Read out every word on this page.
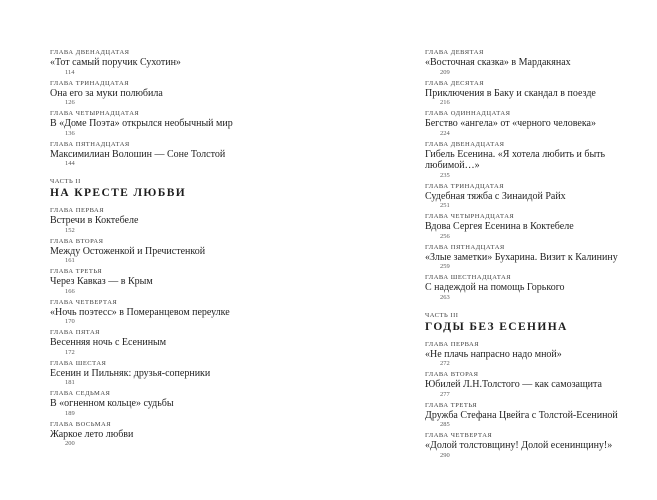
ГЛАВА ДВЕНАДЦАТАЯ
«Тот самый поручик Сухотин»
114
ГЛАВА ТРИНАДЦАТАЯ
Она его за муки полюбила
126
ГЛАВА ЧЕТЫРНАДЦАТАЯ
В «Доме Поэта» открылся необычный мир
136
ГЛАВА ПЯТНАДЦАТАЯ
Максимилиан Волошин — Соне Толстой
144
ЧАСТЬ II
НА КРЕСТЕ ЛЮБВИ
ГЛАВА ПЕРВАЯ
Встречи в Коктебеле
152
ГЛАВА ВТОРАЯ
Между Остоженкой и Пречистенкой
161
ГЛАВА ТРЕТЬЯ
Через Кавказ — в Крым
166
ГЛАВА ЧЕТВЕРТАЯ
«Ночь поэтесс» в Померанцевом переулке
170
ГЛАВА ПЯТАЯ
Весенняя ночь с Есениным
172
ГЛАВА ШЕСТАЯ
Есенин и Пильняк: друзья-соперники
181
ГЛАВА СЕДЬМАЯ
В «огненном кольце» судьбы
189
ГЛАВА ВОСЬМАЯ
Жаркое лето любви
200
ГЛАВА ДЕВЯТАЯ
«Восточная сказка» в Мардакянах
209
ГЛАВА ДЕСЯТАЯ
Приключения в Баку и скандал в поезде
216
ГЛАВА ОДИННАДЦАТАЯ
Бегство «ангела» от «черного человека»
224
ГЛАВА ДВЕНАДЦАТАЯ
Гибель Есенина. «Я хотела любить и быть любимой…»
235
ГЛАВА ТРИНАДЦАТАЯ
Судебная тяжба с Зинаидой Райх
251
ГЛАВА ЧЕТЫРНАДЦАТАЯ
Вдова Сергея Есенина в Коктебеле
256
ГЛАВА ПЯТНАДЦАТАЯ
«Злые заметки» Бухарина. Визит к Калинину
259
ГЛАВА ШЕСТНАДЦАТАЯ
С надеждой на помощь Горького
263
ЧАСТЬ III
ГОДЫ БЕЗ ЕСЕНИНА
ГЛАВА ПЕРВАЯ
«Не плачь напрасно надо мной»
272
ГЛАВА ВТОРАЯ
Юбилей Л.Н.Толстого — как самозащита
277
ГЛАВА ТРЕТЬЯ
Дружба Стефана Цвейга с Толстой-Есениной
285
ГЛАВА ЧЕТВЕРТАЯ
«Долой толстовщину! Долой есенинщину!»
290
